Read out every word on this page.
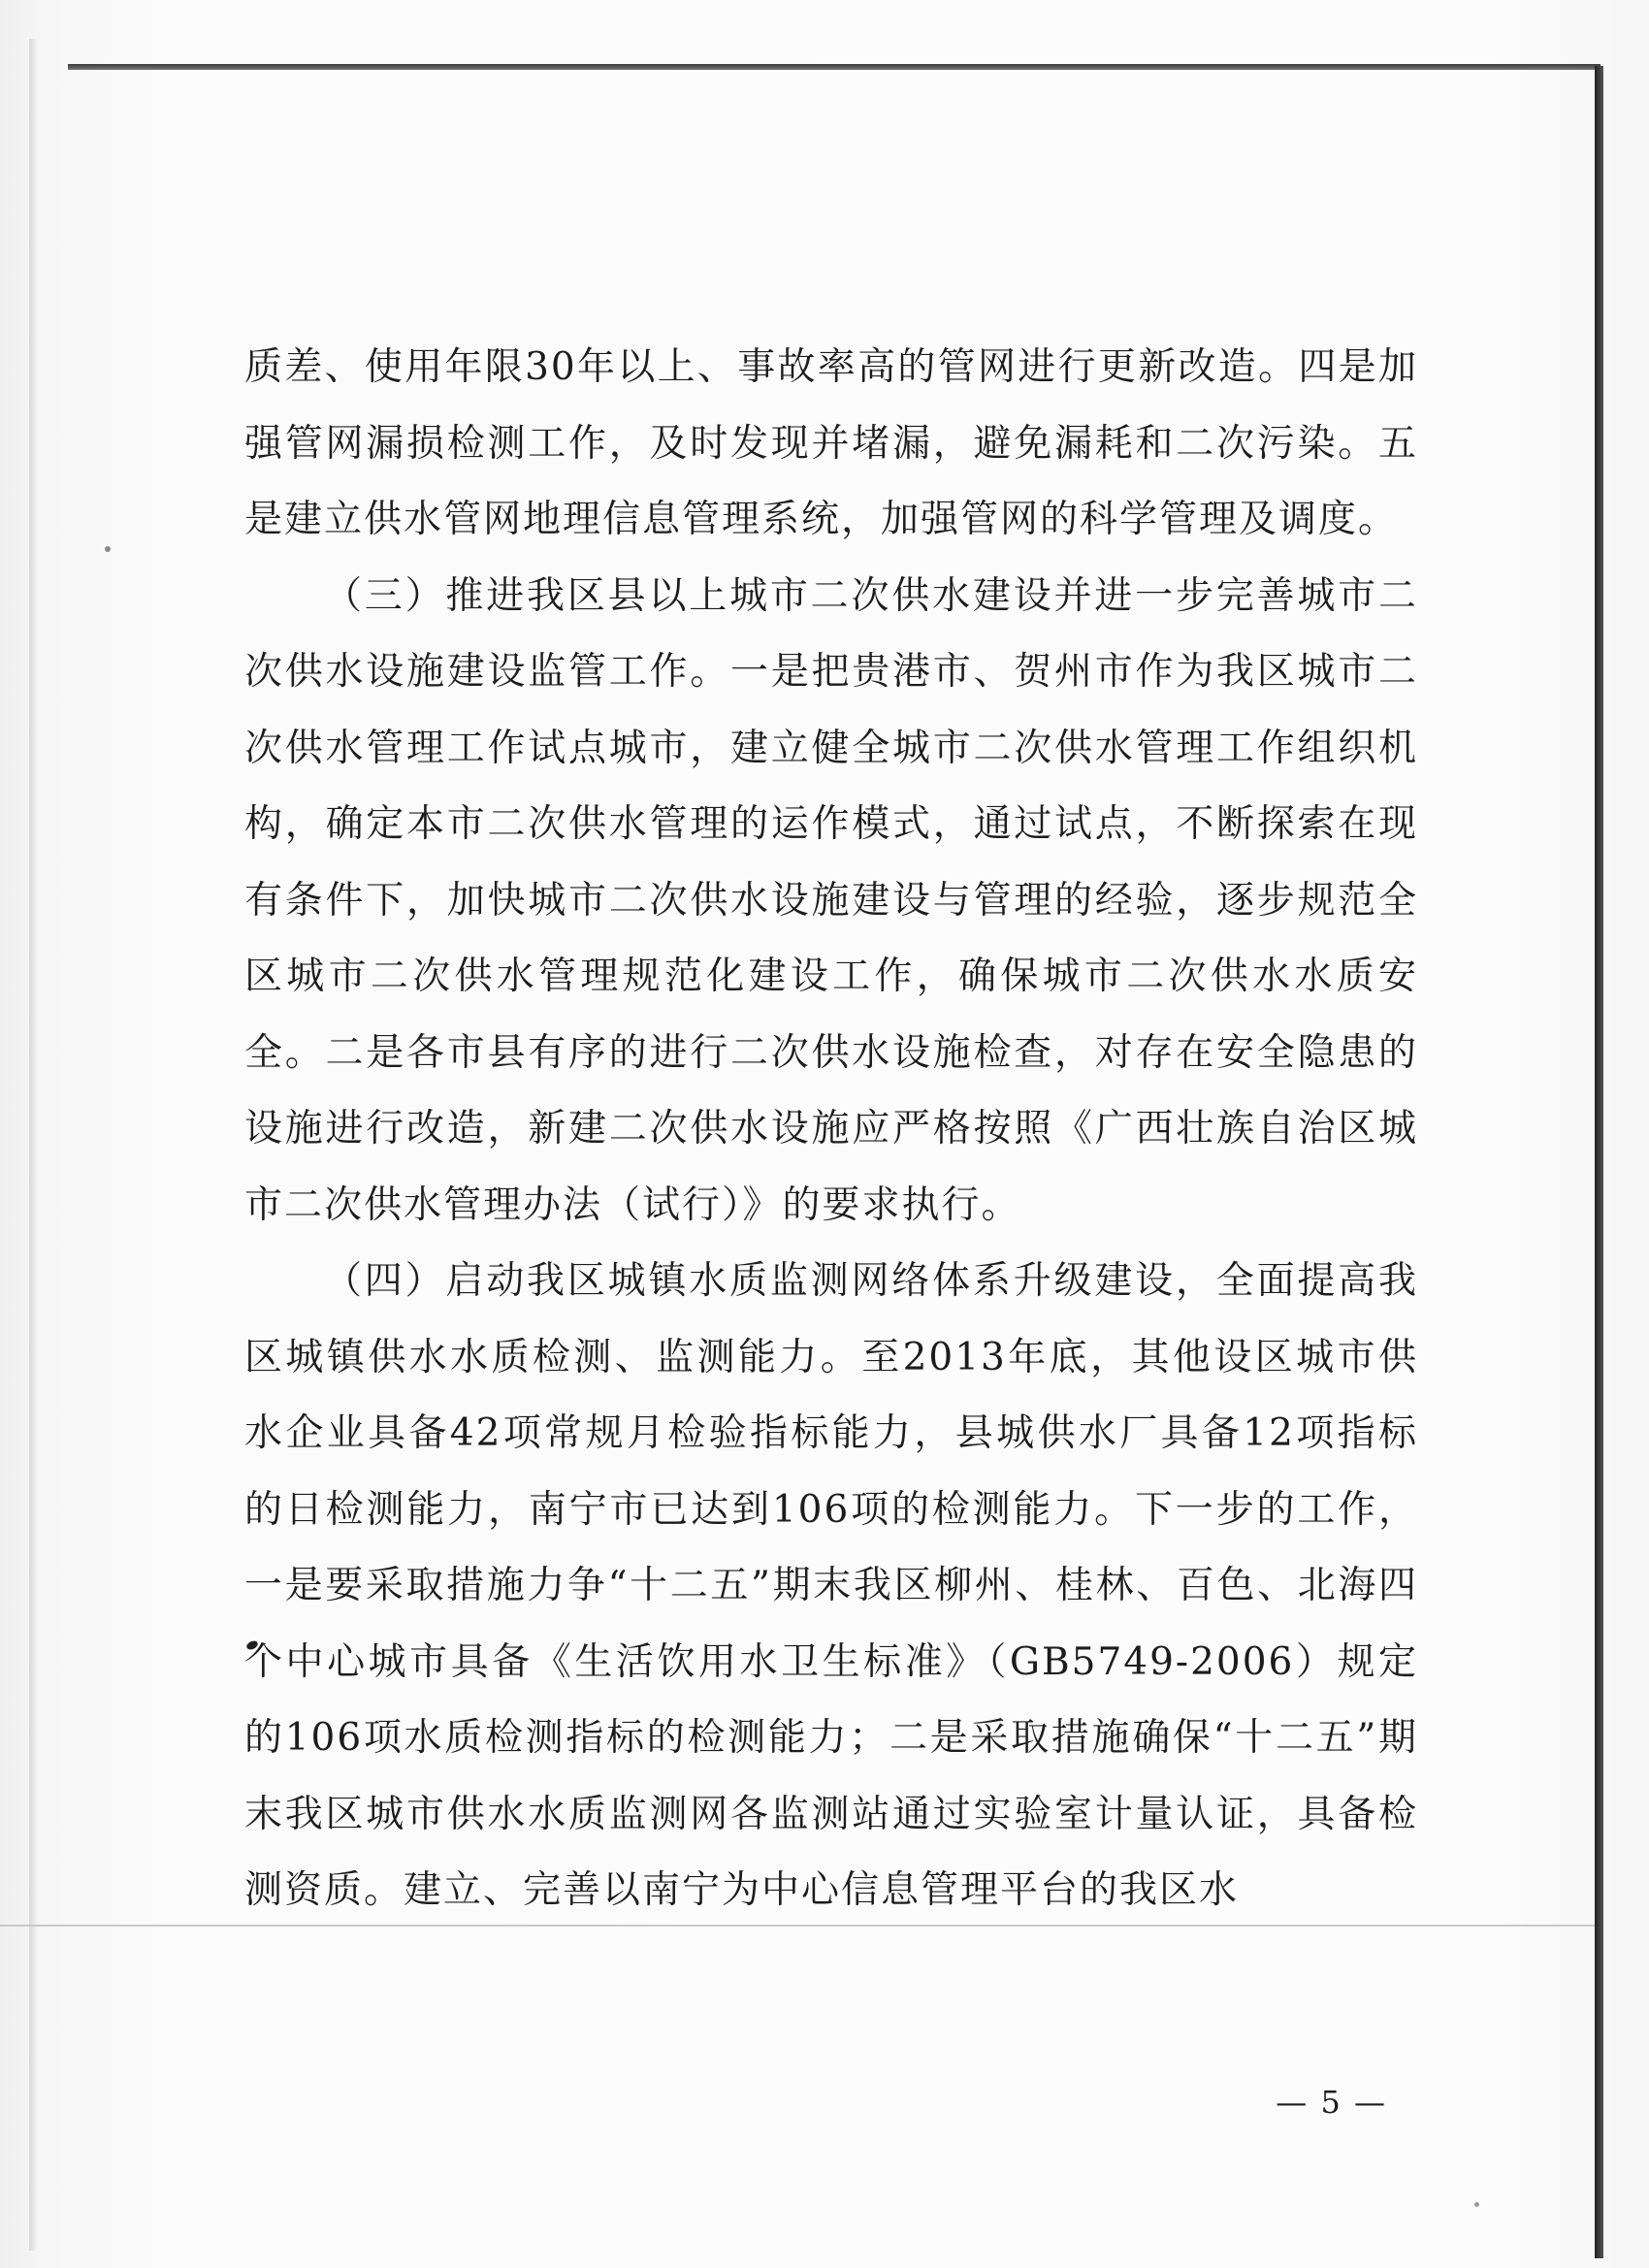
质差、使用年限30年以上、事故率高的管网进行更新改造。四是加强管网漏损检测工作，及时发现并堵漏，避免漏耗和二次污染。五是建立供水管网地理信息管理系统，加强管网的科学管理及调度。

（三）推进我区县以上城市二次供水建设并进一步完善城市二次供水设施建设监管工作。一是把贵港市、贺州市作为我区城市二次供水管理工作试点城市，建立健全城市二次供水管理工作组织机构，确定本市二次供水管理的运作模式，通过试点，不断探索在现有条件下，加快城市二次供水设施建设与管理的经验，逐步规范全区城市二次供水管理规范化建设工作，确保城市二次供水水质安全。二是各市县有序的进行二次供水设施检查，对存在安全隐患的设施进行改造，新建二次供水设施应严格按照《广西壮族自治区城市二次供水管理办法（试行）》的要求执行。

（四）启动我区城镇水质监测网络体系升级建设，全面提高我区城镇供水水质检测、监测能力。至2013年底，其他设区城市供水企业具备42项常规月检验指标能力，县城供水厂具备12项指标的日检测能力，南宁市已达到106项的检测能力。下一步的工作，一是要采取措施力争“十二五”期末我区柳州、桂林、百色、北海四个中心城市具备《生活饮用水卫生标准》（GB5749-2006）规定的106项水质检测指标的检测能力；二是采取措施确保“十二五”期末我区城市供水水质监测网各监测站通过实验室计量认证，具备检测资质。建立、完善以南宁为中心信息管理平台的我区水

— 5 —
